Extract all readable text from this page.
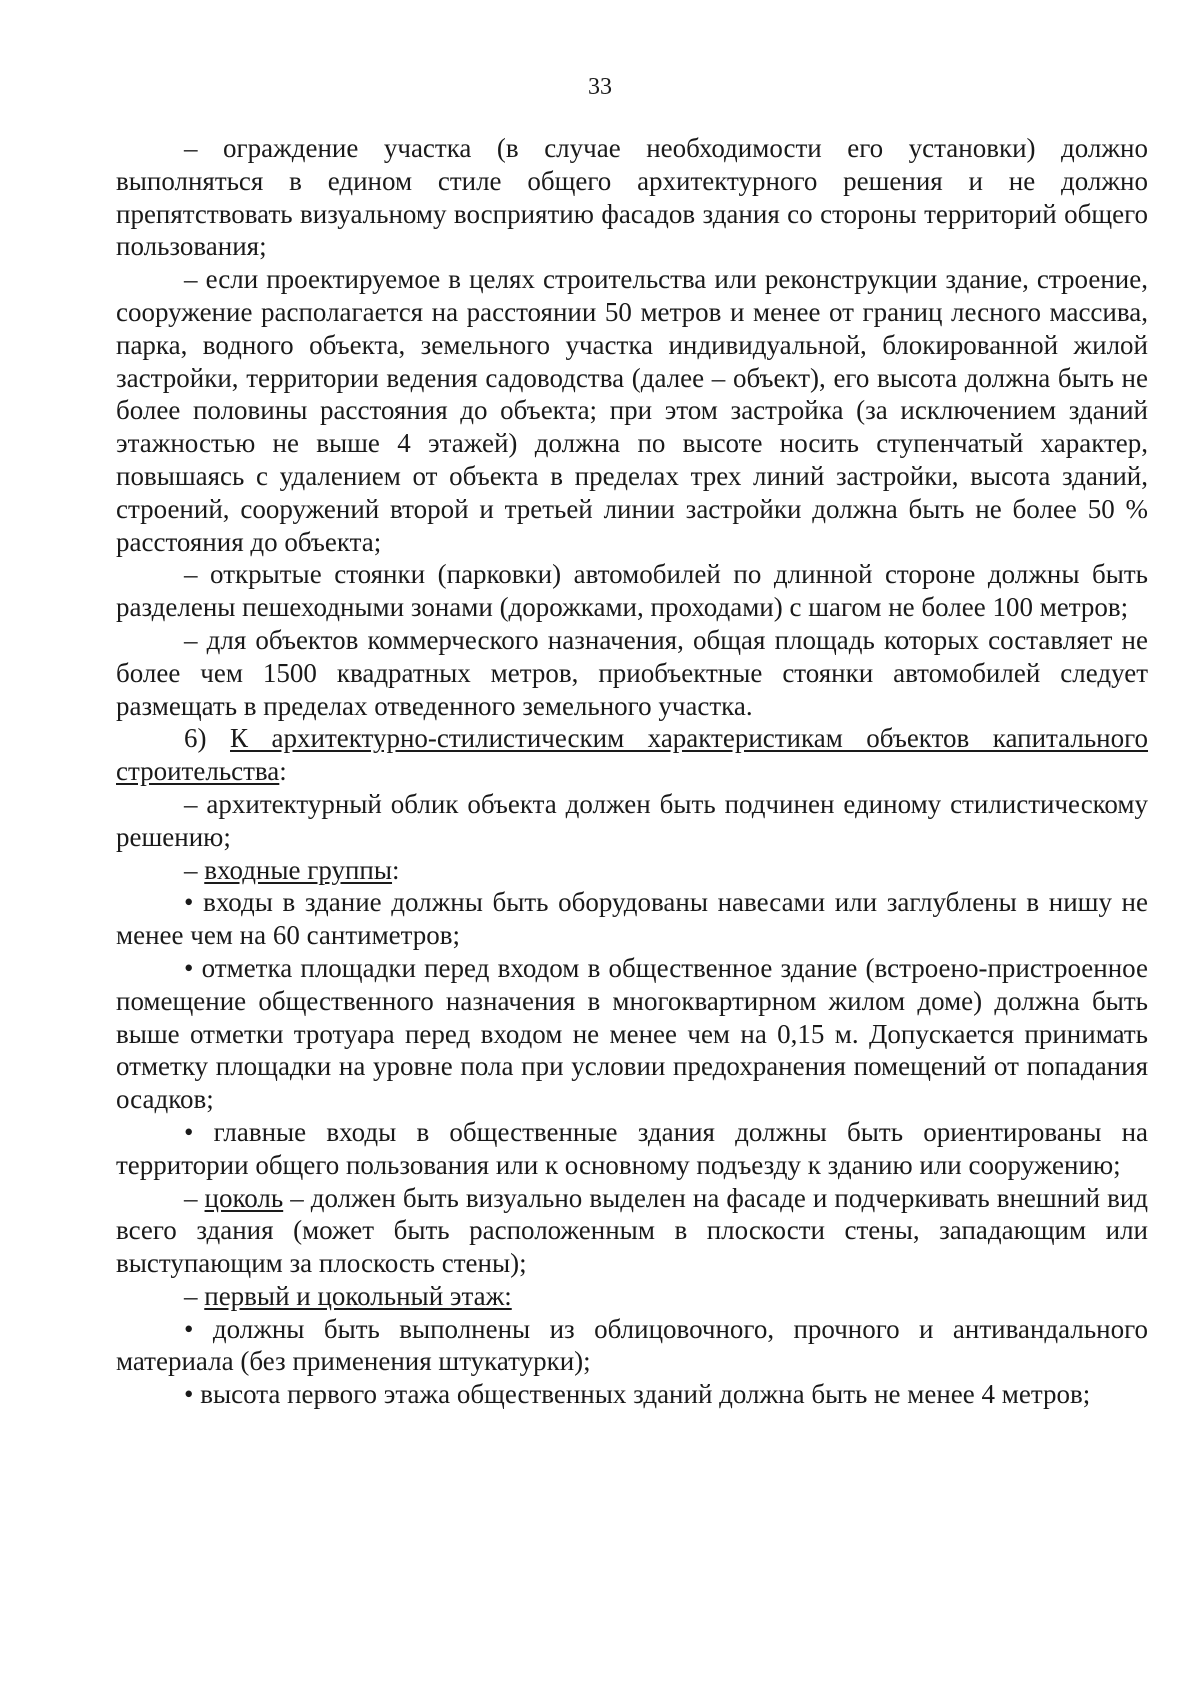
33

– ограждение участка (в случае необходимости его установки) должно выполняться в едином стиле общего архитектурного решения и не должно препятствовать визуальному восприятию фасадов здания со стороны территорий общего пользования;

– если проектируемое в целях строительства или реконструкции здание, строение, сооружение располагается на расстоянии 50 метров и менее от границ лесного массива, парка, водного объекта, земельного участка индивидуальной, блокированной жилой застройки, территории ведения садоводства (далее – объект), его высота должна быть не более половины расстояния до объекта; при этом застройка (за исключением зданий этажностью не выше 4 этажей) должна по высоте носить ступенчатый характер, повышаясь с удалением от объекта в пределах трех линий застройки, высота зданий, строений, сооружений второй и третьей линии застройки должна быть не более 50 % расстояния до объекта;

– открытые стоянки (парковки) автомобилей по длинной стороне должны быть разделены пешеходными зонами (дорожками, проходами) с шагом не более 100 метров;

– для объектов коммерческого назначения, общая площадь которых составляет не более чем 1500 квадратных метров, приобъектные стоянки автомобилей следует размещать в пределах отведенного земельного участка.

6) К архитектурно-стилистическим характеристикам объектов капитального строительства:

– архитектурный облик объекта должен быть подчинен единому стилистическому решению;

– входные группы:

• входы в здание должны быть оборудованы навесами или заглублены в нишу не менее чем на 60 сантиметров;

• отметка площадки перед входом в общественное здание (встроено-пристроенное помещение общественного назначения в многоквартирном жилом доме) должна быть выше отметки тротуара перед входом не менее чем на 0,15 м. Допускается принимать отметку площадки на уровне пола при условии предохранения помещений от попадания осадков;

• главные входы в общественные здания должны быть ориентированы на территории общего пользования или к основному подъезду к зданию или сооружению;

– цоколь – должен быть визуально выделен на фасаде и подчеркивать внешний вид всего здания (может быть расположенным в плоскости стены, западающим или выступающим за плоскость стены);

– первый и цокольный этаж:

• должны быть выполнены из облицовочного, прочного и антивандального материала (без применения штукатурки);

• высота первого этажа общественных зданий должна быть не менее 4 метров;
